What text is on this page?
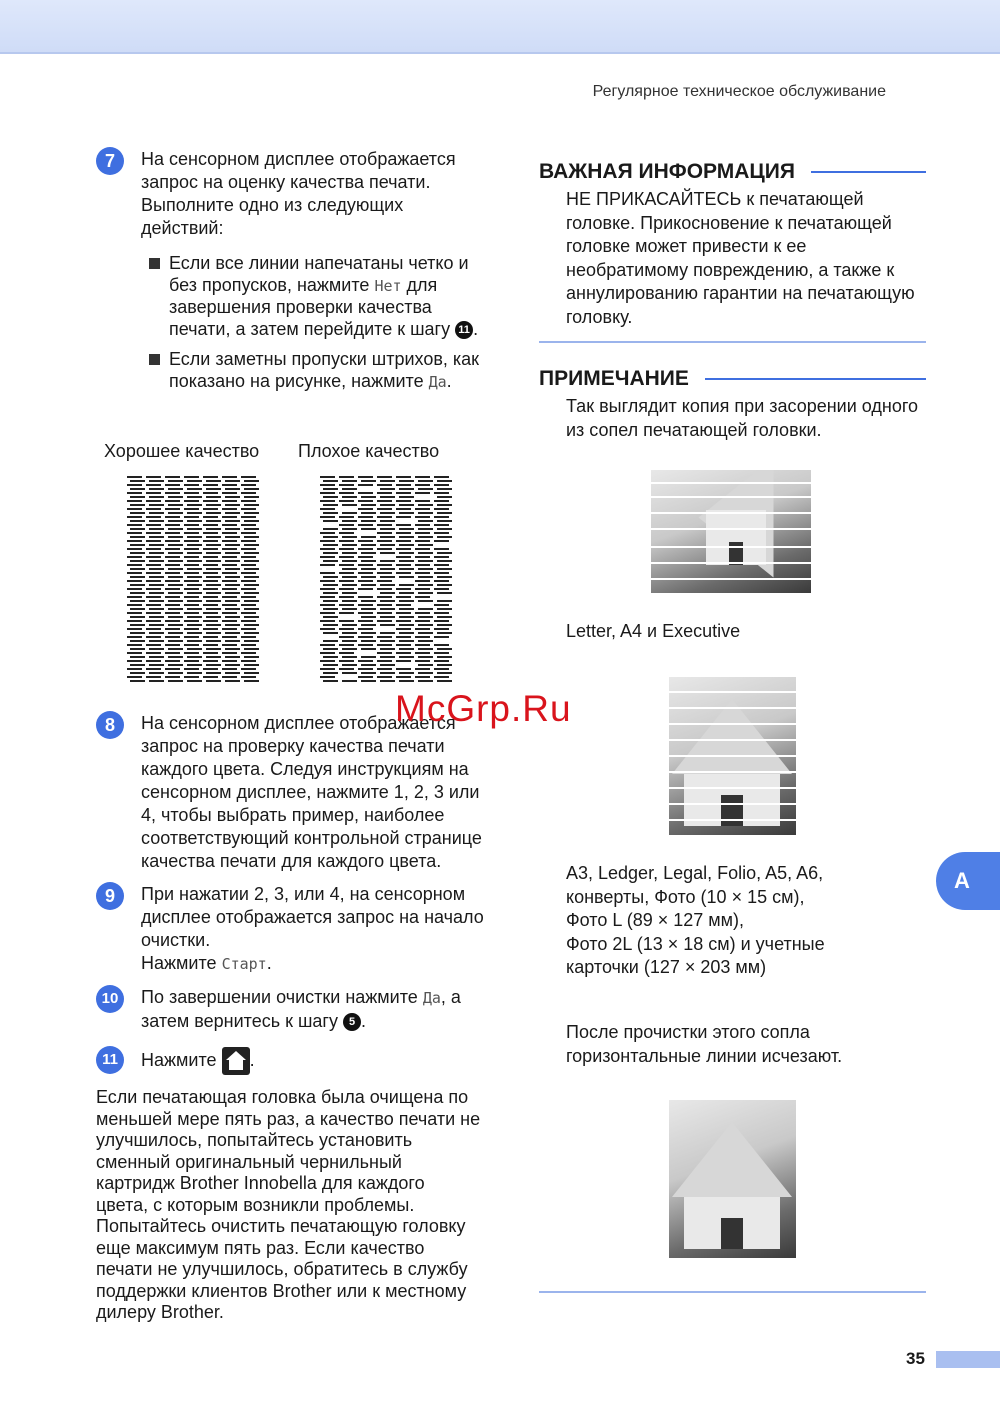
Регулярное техническое обслуживание
7	На сенсорном дисплее отображается запрос на оценку качества печати. Выполните одно из следующих действий:
Если все линии напечатаны четко и без пропусков, нажмите Нет для завершения проверки качества печати, а затем перейдите к шагу 11 .
Если заметны пропуски штрихов, как показано на рисунке, нажмите Да.
Хорошее качество Плохое качество
8	На сенсорном дисплее отображается запрос на проверку качества печати каждого цвета. Следуя инструкциям на сенсорном дисплее, нажмите 1, 2, 3 или 4, чтобы выбрать пример, наиболее соответствующий контрольной странице качества печати для каждого цвета.
9	При нажатии 2, 3, или 4, на сенсорном дисплее отображается запрос на начало очистки.
Нажмите Старт.
10	По завершении очистки нажмите Да, а затем вернитесь к шагу 5 .
11	Нажмите .
Если печатающая головка была очищена по меньшей мере пять раз, а качество печати не улучшилось, попытайтесь установить сменный оригинальный чернильный картридж Brother Innobella для каждого цвета, с которым возникли проблемы. Попытайтесь очистить печатающую головку еще максимум пять раз. Если качество печати не улучшилось, обратитесь в службу поддержки клиентов Brother или к местному дилеру Brother.
ВАЖНАЯ ИНФОРМАЦИЯ
НЕ ПРИКАСАЙТЕСЬ к печатающей головке. Прикосновение к печатающей головке может привести к ее необратимому повреждению, а также к аннулированию гарантии на печатающую головку.
ПРИМЕЧАНИЕ
Так выглядит копия при засорении одного из сопел печатающей головки.
Letter, A4 и Executive
A3, Ledger, Legal, Folio, A5, A6,
конверты, Фото (10 × 15 см),
Фото L (89 × 127 мм),
Фото 2L (13 × 18 см) и учетные
карточки (127 × 203 мм)
После прочистки этого сопла горизонтальные линии исчезают.
A
35
McGrp.Ru
